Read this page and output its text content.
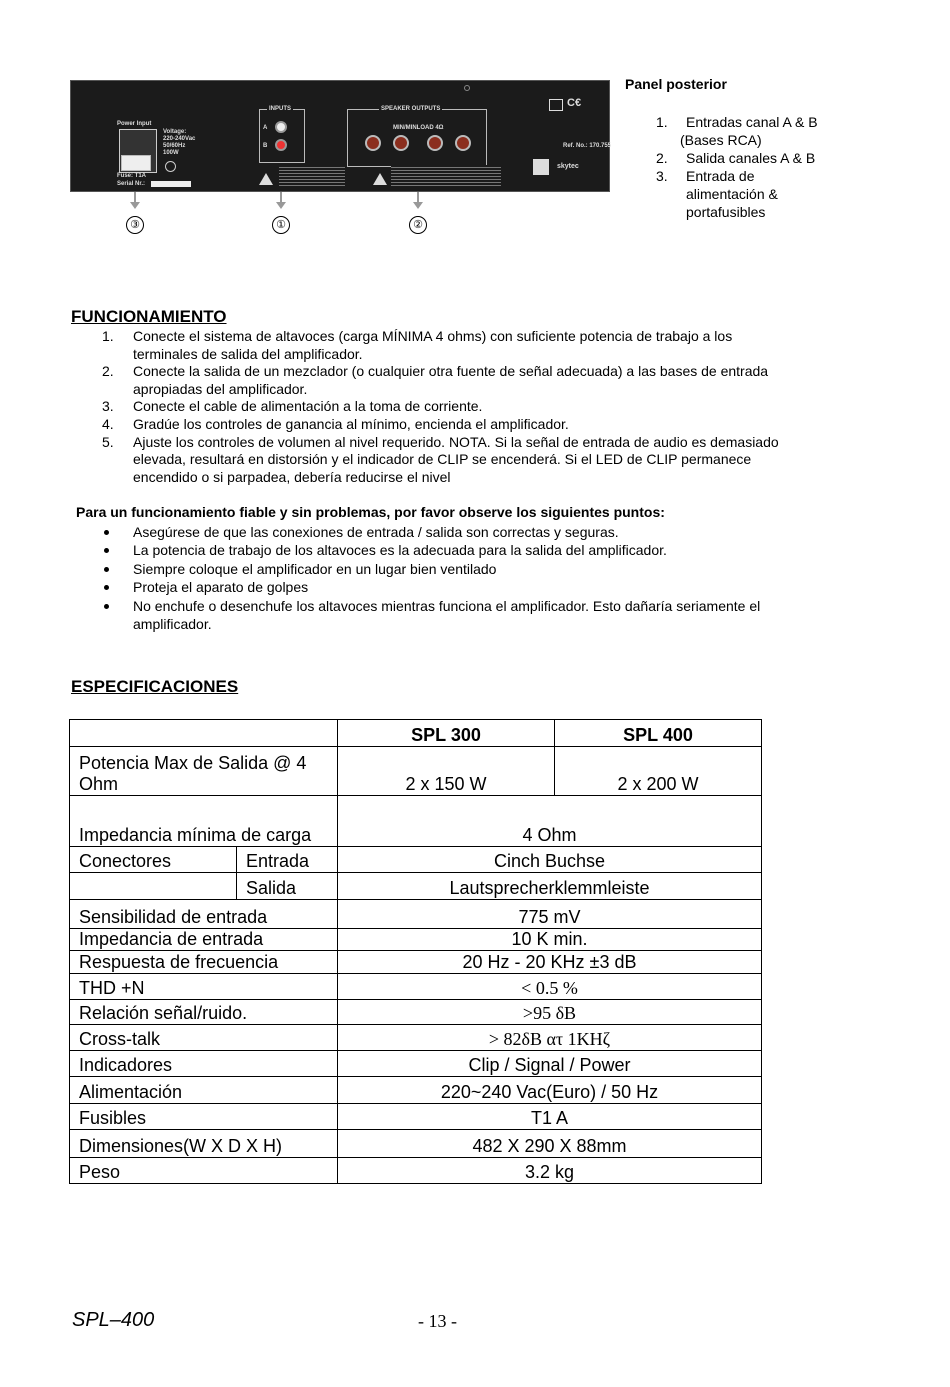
Power Input
Voltage:
220-240Vac
50/60Hz
100W
Fuse: T1A
Serial Nr.:
INPUTS
A
B
SPEAKER OUTPUTS
MIN/MINLOAD 4Ω
C€
Ref. No.: 170.755
skytec
③	①	②
Panel posterior
1. Entradas canal A & B
(Bases RCA)
2. Salida canales A & B
3. Entrada de
alimentación &
portafusibles
FUNCIONAMIENTO
1. Conecte el sistema de altavoces (carga MÍNIMA 4 ohms) con suficiente potencia de trabajo a los
terminales de salida del amplificador.
2. Conecte la salida de un mezclador (o cualquier otra fuente de señal adecuada) a las bases de entrada
apropiadas del amplificador.
3. Conecte el cable de alimentación a la toma de corriente.
4. Gradúe los controles de ganancia al mínimo, encienda el amplificador.
5. Ajuste los controles de volumen al nivel requerido. NOTA. Si la señal de entrada de audio es demasiado
elevada, resultará en distorsión y el indicador de CLIP se encenderá. Si el LED de CLIP permanece
encendido o si parpadea, debería reducirse el nivel
Para un funcionamiento fiable y sin problemas, por favor observe los siguientes puntos:
Asegúrese de que las conexiones de entrada / salida son correctas y seguras.
La potencia de trabajo de los altavoces es la adecuada para la salida del amplificador.
Siempre coloque el amplificador en un lugar bien ventilado
Proteja el aparato de golpes
No enchufe o desenchufe los altavoces mientras funciona el amplificador. Esto dañaría seriamente el
amplificador.
ESPECIFICACIONES
		SPL 300	SPL 400

Potencia Max de Salida @ 4
Ohm		2 x 150 W	2 x 200 W
Impedancia mínima de carga		4 Ohm	
Conectores	Entrada	Cinch Buchse	
	Salida	Lautsprecherklemmleiste	
Sensibilidad de entrada		775 mV	
Impedancia de entrada		10 K min.	
Respuesta de frecuencia		20 Hz - 20 KHz ±3 dB	
THD +N		< 0.5 %	
Relación señal/ruido.		>95 δB	
Cross-talk		> 82δB ατ 1KHζ	
Indicadores		Clip / Signal / Power	
Alimentación		220~240 Vac(Euro) / 50 Hz	
Fusibles		T1 A	
Dimensiones(W X D X H)		482 X 290 X 88mm	
Peso		3.2 kg	
SPL–400	- 13 -
